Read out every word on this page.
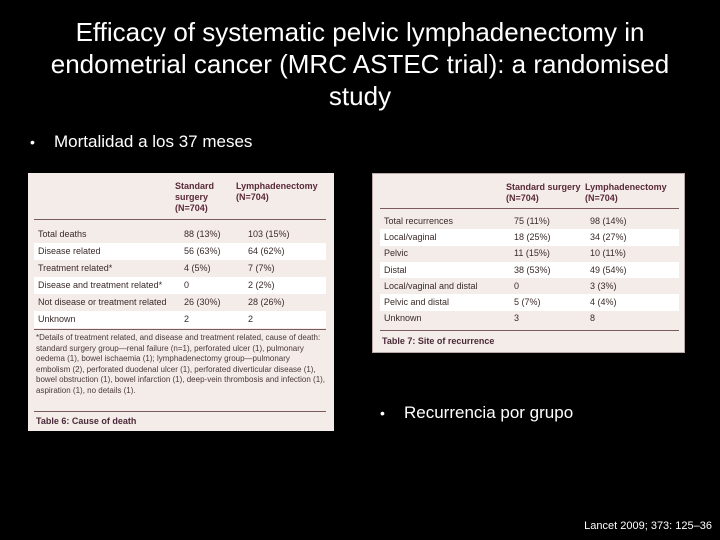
Efficacy of systematic pelvic lymphadenectomy in endometrial cancer (MRC ASTEC trial): a randomised study
•	Mortalidad a los 37 meses
Standard
surgery
(N=704)
Lymphadenectomy
(N=704)
Total deaths	88 (13%)	103 (15%)
Disease related	56 (63%)	64 (62%)
Treatment related*	4 (5%)	7 (7%)
Disease and treatment related*	0	2 (2%)
Not disease or treatment related	26 (30%)	28 (26%)
Unknown	2	2
*Details of treatment related, and disease and treatment related, cause of death: standard surgery group—renal failure (n=1), perforated ulcer (1), pulmonary oedema (1), bowel ischaemia (1); lymphadenectomy group—pulmonary embolism (2), perforated duodenal ulcer (1), perforated diverticular disease (1), bowel obstruction (1), bowel infarction (1), deep-vein thrombosis and infection (1), aspiration (1), no details (1).
Table 6: Cause of death
Standard surgery
(N=704)
Lymphadenectomy
(N=704)
Total recurrences	75 (11%)	98 (14%)
Local/vaginal	18 (25%)	34 (27%)
Pelvic	11 (15%)	10 (11%)
Distal	38 (53%)	49 (54%)
Local/vaginal and distal	0	3 (3%)
Pelvic and distal	5 (7%)	4 (4%)
Unknown	3	8
Table 7: Site of recurrence
•	Recurrencia por grupo
Lancet 2009; 373: 125–36
